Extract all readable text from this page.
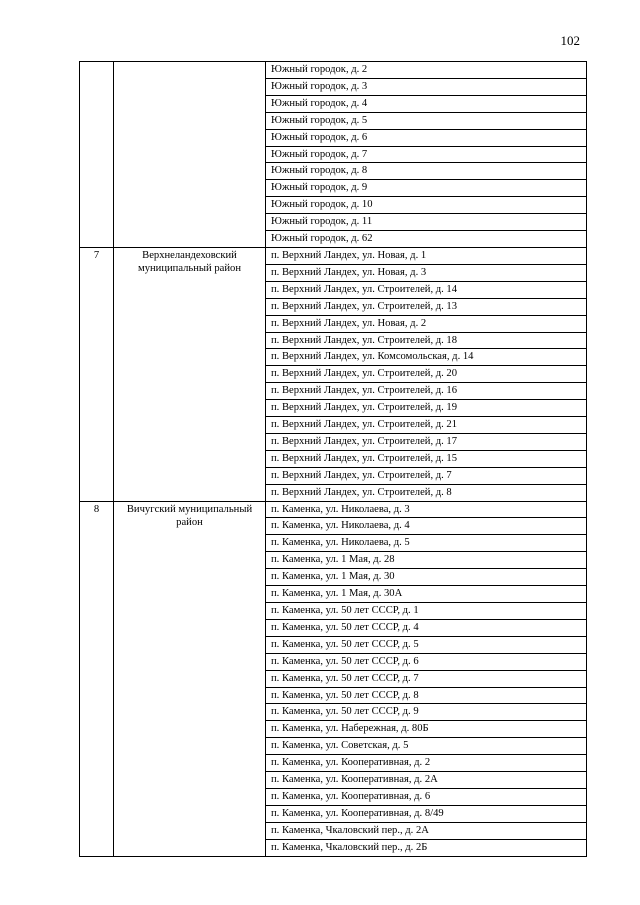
102
		Южный городок, д. 2
		Южный городок, д. 3
		Южный городок, д. 4
		Южный городок, д. 5
		Южный городок, д. 6
		Южный городок, д. 7
		Южный городок, д. 8
		Южный городок, д. 9
		Южный городок, д. 10
		Южный городок, д. 11
		Южный городок, д. 62
7	Верхнеландеховский муниципальный район	п. Верхний Ландех, ул. Новая, д. 1
		п. Верхний Ландех, ул. Новая, д. 3
		п. Верхний Ландех, ул. Строителей, д. 14
		п. Верхний Ландех, ул. Строителей, д. 13
		п. Верхний Ландех, ул. Новая, д. 2
		п. Верхний Ландех, ул. Строителей, д. 18
		п. Верхний Ландех, ул. Комсомольская, д. 14
		п. Верхний Ландех, ул. Строителей, д. 20
		п. Верхний Ландех, ул. Строителей, д. 16
		п. Верхний Ландех, ул. Строителей, д. 19
		п. Верхний Ландех, ул. Строителей, д. 21
		п. Верхний Ландех, ул. Строителей, д. 17
		п. Верхний Ландех, ул. Строителей, д. 15
		п. Верхний Ландех, ул. Строителей, д. 7
		п. Верхний Ландех, ул. Строителей, д. 8
8	Вичугский муниципальный район	п. Каменка, ул. Николаева, д. 3
		п. Каменка, ул. Николаева, д. 4
		п. Каменка, ул. Николаева, д. 5
		п. Каменка, ул. 1 Мая, д. 28
		п. Каменка, ул. 1 Мая, д. 30
		п. Каменка, ул. 1 Мая, д. 30А
		п. Каменка, ул. 50 лет СССР, д. 1
		п. Каменка, ул. 50 лет СССР, д. 4
		п. Каменка, ул. 50 лет СССР, д. 5
		п. Каменка, ул. 50 лет СССР, д. 6
		п. Каменка, ул. 50 лет СССР, д. 7
		п. Каменка, ул. 50 лет СССР, д. 8
		п. Каменка, ул. 50 лет СССР, д. 9
		п. Каменка, ул. Набережная, д. 80Б
		п. Каменка, ул. Советская, д. 5
		п. Каменка, ул. Кооперативная, д. 2
		п. Каменка, ул. Кооперативная, д. 2А
		п. Каменка, ул. Кооперативная, д. 6
		п. Каменка, ул. Кооперативная, д. 8/49
		п. Каменка, Чкаловский пер., д. 2А
		п. Каменка, Чкаловский пер., д. 2Б
